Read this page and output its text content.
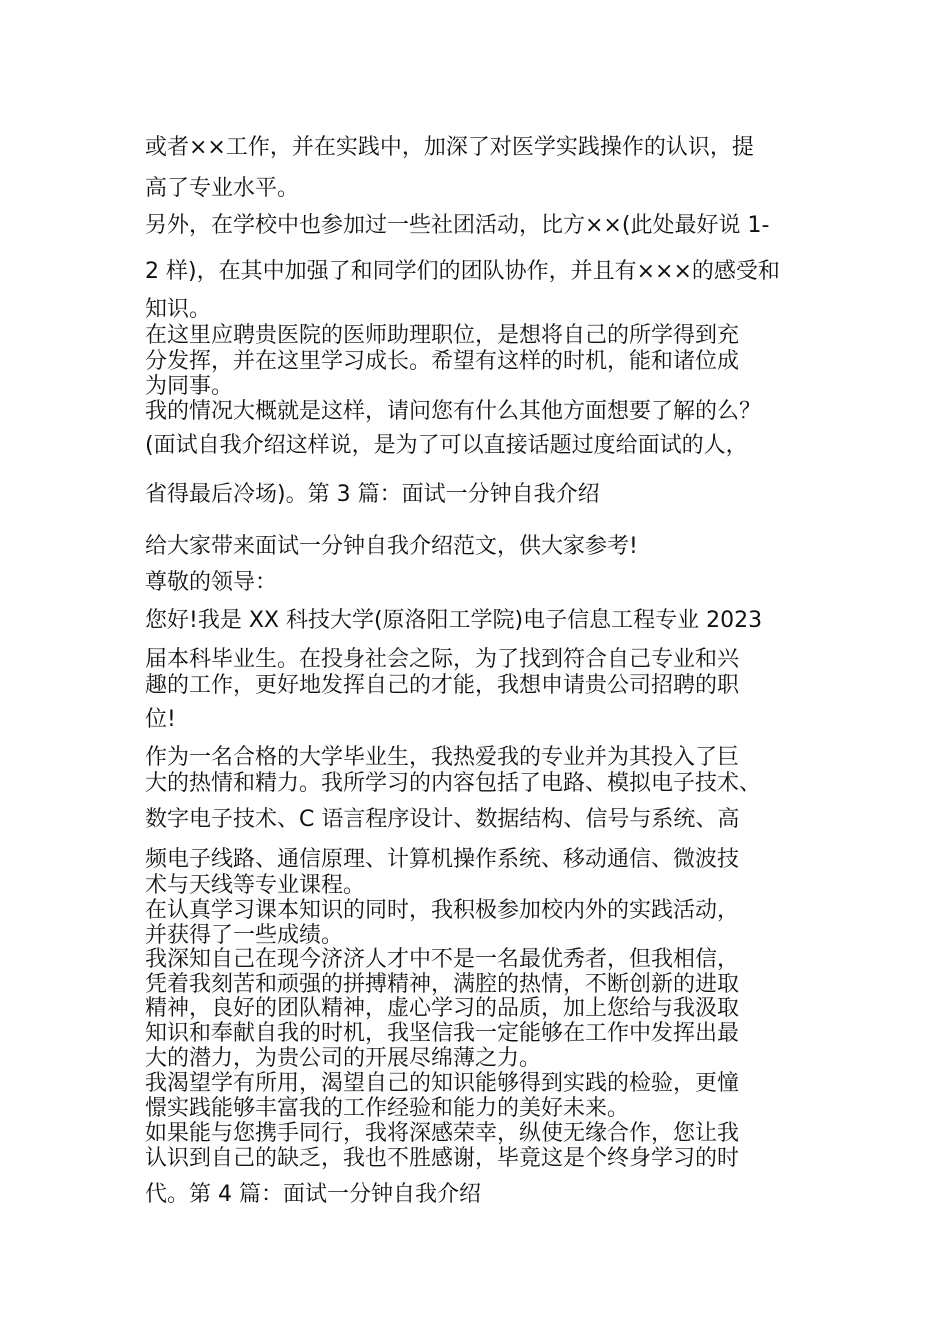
或者××工作，并在实践中，加深了对医学实践操作的认识，提
高了专业水平。
另外，在学校中也参加过一些社团活动，比方××(此处最好说 1-
2 样)，在其中加强了和同学们的团队协作，并且有×××的感受和
知识。
在这里应聘贵医院的医师助理职位，是想将自己的所学得到充
分发挥，并在这里学习成长。希望有这样的时机，能和诸位成
为同事。
我的情况大概就是这样，请问您有什么其他方面想要了解的么？
(面试自我介绍这样说，是为了可以直接话题过度给面试的人，
省得最后冷场)。第 3 篇：面试一分钟自我介绍
给大家带来面试一分钟自我介绍范文，供大家参考!
尊敬的领导：
您好!我是 XX 科技大学(原洛阳工学院)电子信息工程专业 2023
届本科毕业生。在投身社会之际，为了找到符合自己专业和兴
趣的工作，更好地发挥自己的才能，我想申请贵公司招聘的职
位!
作为一名合格的大学毕业生，我热爱我的专业并为其投入了巨
大的热情和精力。我所学习的内容包括了电路、模拟电子技术、
数字电子技术、C 语言程序设计、数据结构、信号与系统、高
频电子线路、通信原理、计算机操作系统、移动通信、微波技
术与天线等专业课程。
在认真学习课本知识的同时，我积极参加校内外的实践活动，
并获得了一些成绩。
我深知自己在现今济济人才中不是一名最优秀者，但我相信，
凭着我刻苦和顽强的拼搏精神，满腔的热情，不断创新的进取
精神，良好的团队精神，虚心学习的品质，加上您给与我汲取
知识和奉献自我的时机，我坚信我一定能够在工作中发挥出最
大的潜力，为贵公司的开展尽绵薄之力。
我渴望学有所用，渴望自己的知识能够得到实践的检验，更憧
憬实践能够丰富我的工作经验和能力的美好未来。
如果能与您携手同行，我将深感荣幸，纵使无缘合作，您让我
认识到自己的缺乏，我也不胜感谢，毕竟这是个终身学习的时
代。第 4 篇：面试一分钟自我介绍
